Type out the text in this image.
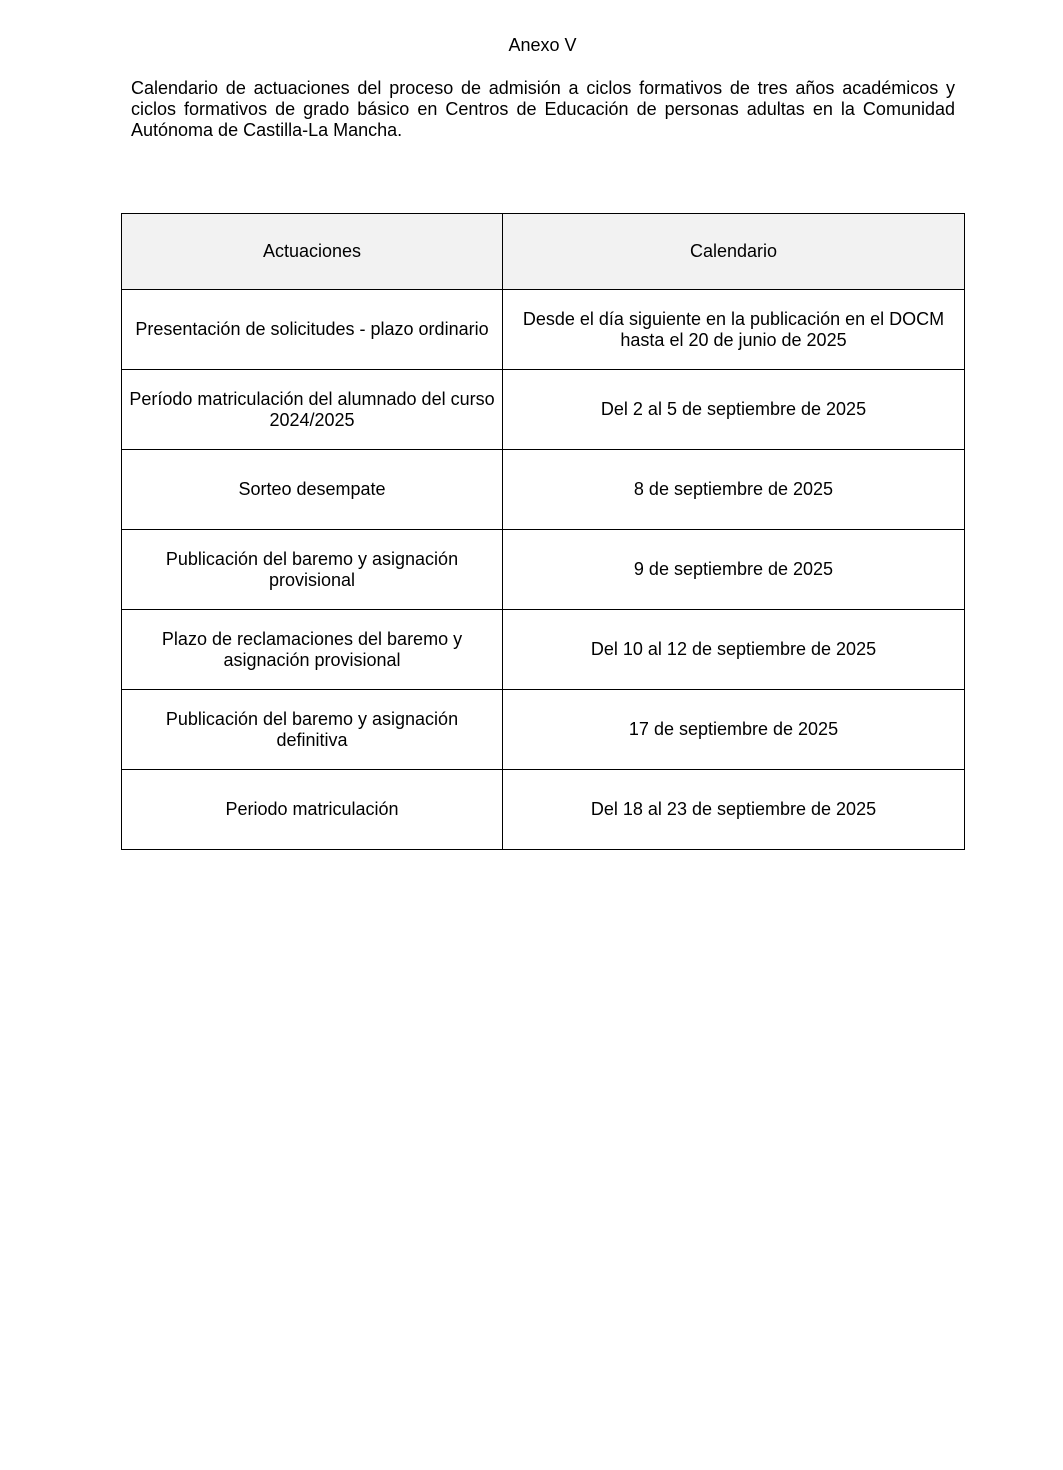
Anexo V

Calendario de actuaciones del proceso de admisión a ciclos formativos de tres años académicos y ciclos formativos de grado básico en Centros de Educación de personas adultas en la Comunidad Autónoma de Castilla-La Mancha.

Actuaciones	Calendario
Presentación de solicitudes - plazo ordinario	Desde el día siguiente en la publicación en el DOCM hasta el 20 de junio de 2025
Período matriculación del alumnado del curso 2024/2025	Del 2 al 5 de septiembre de 2025
Sorteo desempate	8 de septiembre de 2025
Publicación del baremo y asignación provisional	9 de septiembre de 2025
Plazo de reclamaciones del baremo y asignación provisional	Del 10 al 12 de septiembre de 2025
Publicación del baremo y asignación definitiva	17 de septiembre de 2025
Periodo matriculación	Del 18 al 23 de septiembre de 2025
